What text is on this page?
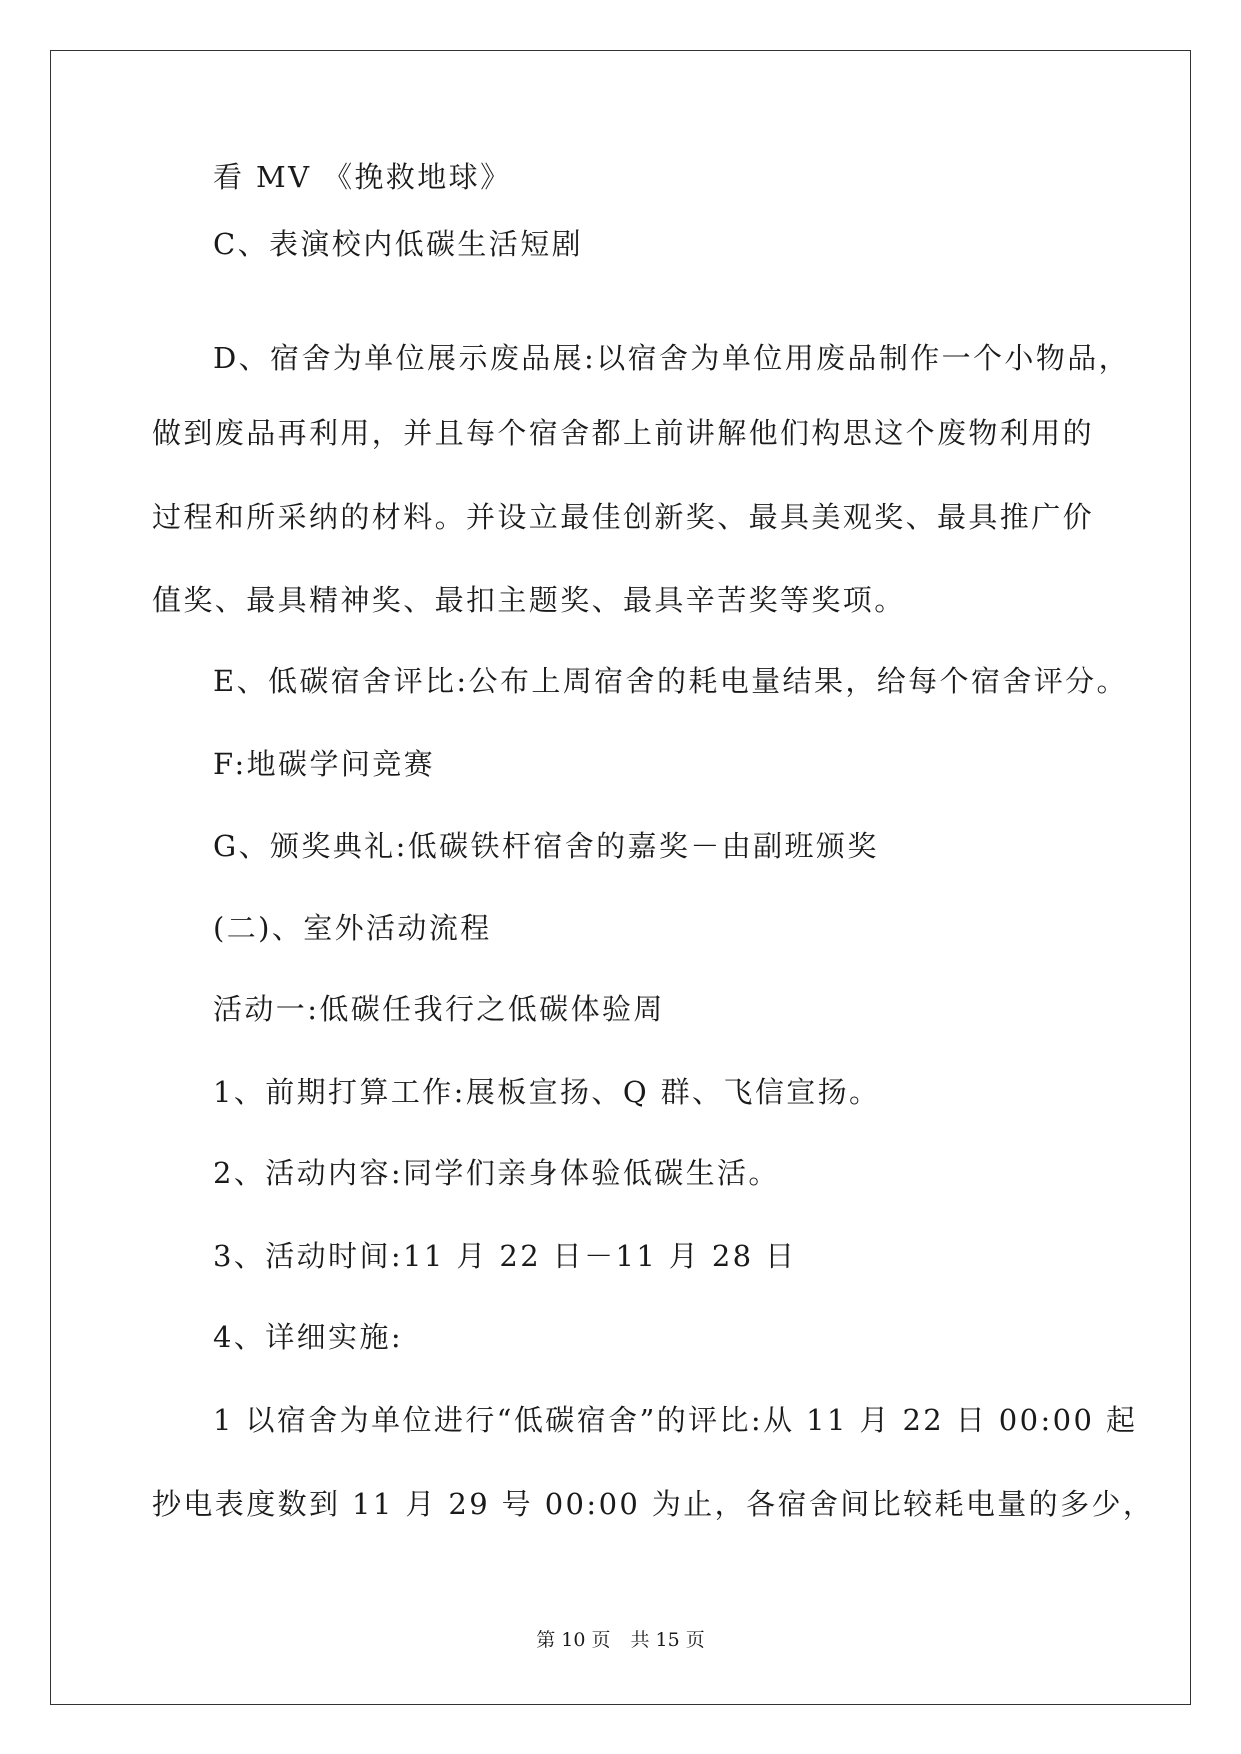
看 MV 《挽救地球》
C、表演校内低碳生活短剧
D、宿舍为单位展示废品展:以宿舍为单位用废品制作一个小物品，
做到废品再利用，并且每个宿舍都上前讲解他们构思这个废物利用的
过程和所采纳的材料。并设立最佳创新奖、最具美观奖、最具推广价
值奖、最具精神奖、最扣主题奖、最具辛苦奖等奖项。
E、低碳宿舍评比:公布上周宿舍的耗电量结果，给每个宿舍评分。
F:地碳学问竞赛
G、颁奖典礼:低碳铁杆宿舍的嘉奖－由副班颁奖
(二)、室外活动流程
活动一:低碳任我行之低碳体验周
1、前期打算工作:展板宣扬、Q 群、飞信宣扬。
2、活动内容:同学们亲身体验低碳生活。
3、活动时间:11 月 22 日－11 月 28 日
4、详细实施:
1 以宿舍为单位进行“低碳宿舍”的评比:从 11 月 22 日 00:00 起
抄电表度数到 11 月 29 号 00:00 为止，各宿舍间比较耗电量的多少，
第 10 页 共 15 页
